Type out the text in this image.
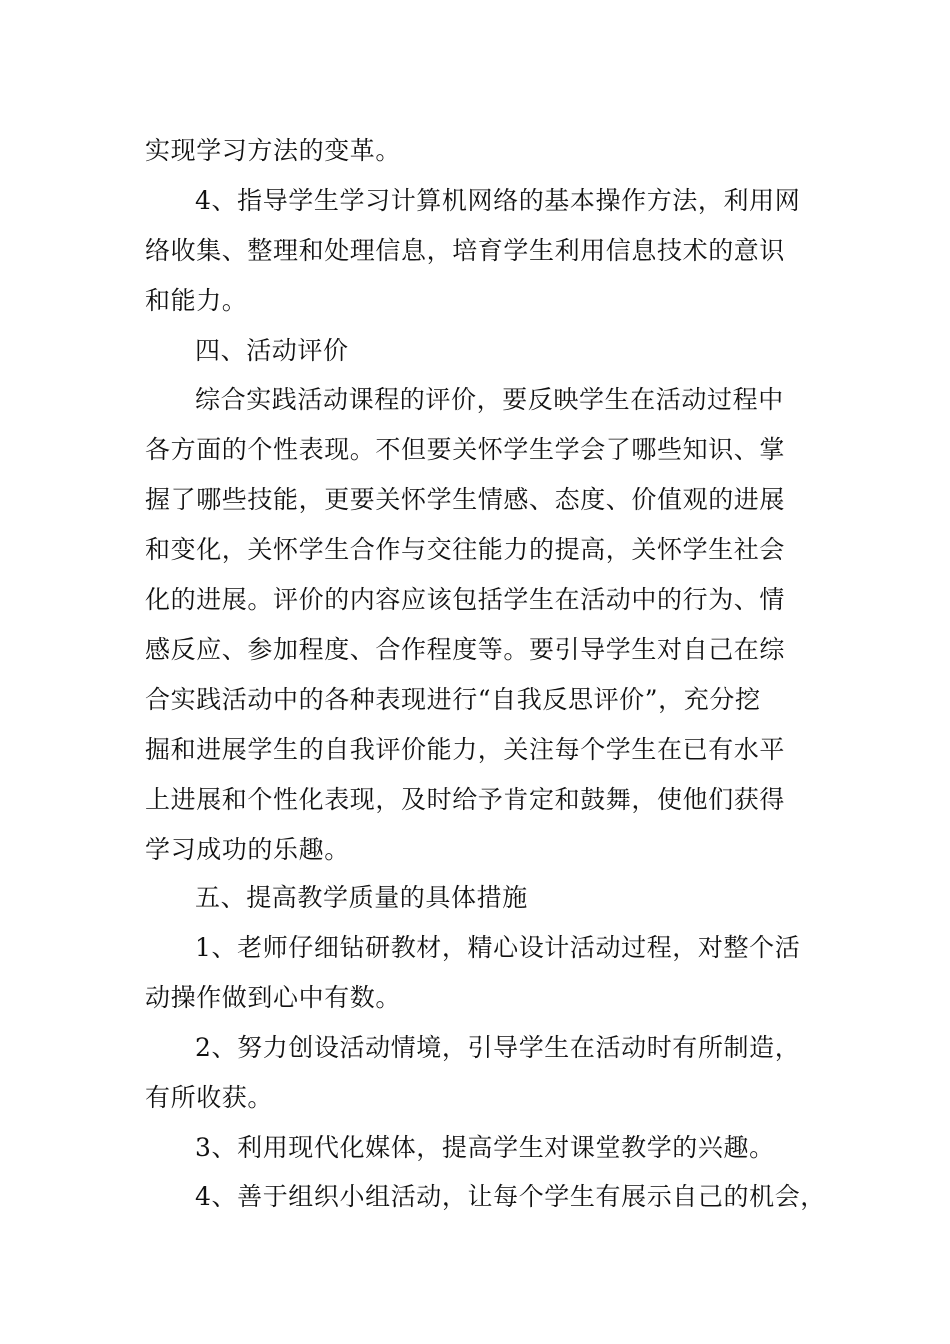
实现学习方法的变革。
4、指导学生学习计算机网络的基本操作方法，利用网
络收集、整理和处理信息，培育学生利用信息技术的意识
和能力。
四、活动评价
综合实践活动课程的评价，要反映学生在活动过程中
各方面的个性表现。不但要关怀学生学会了哪些知识、掌
握了哪些技能，更要关怀学生情感、态度、价值观的进展
和变化，关怀学生合作与交往能力的提高，关怀学生社会
化的进展。评价的内容应该包括学生在活动中的行为、情
感反应、参加程度、合作程度等。要引导学生对自己在综
合实践活动中的各种表现进行“自我反思评价”，充分挖
掘和进展学生的自我评价能力，关注每个学生在已有水平
上进展和个性化表现，及时给予肯定和鼓舞，使他们获得
学习成功的乐趣。
五、提高教学质量的具体措施
1、老师仔细钻研教材，精心设计活动过程，对整个活
动操作做到心中有数。
2、努力创设活动情境，引导学生在活动时有所制造，
有所收获。
3、利用现代化媒体，提高学生对课堂教学的兴趣。
4、善于组织小组活动，让每个学生有展示自己的机会，
